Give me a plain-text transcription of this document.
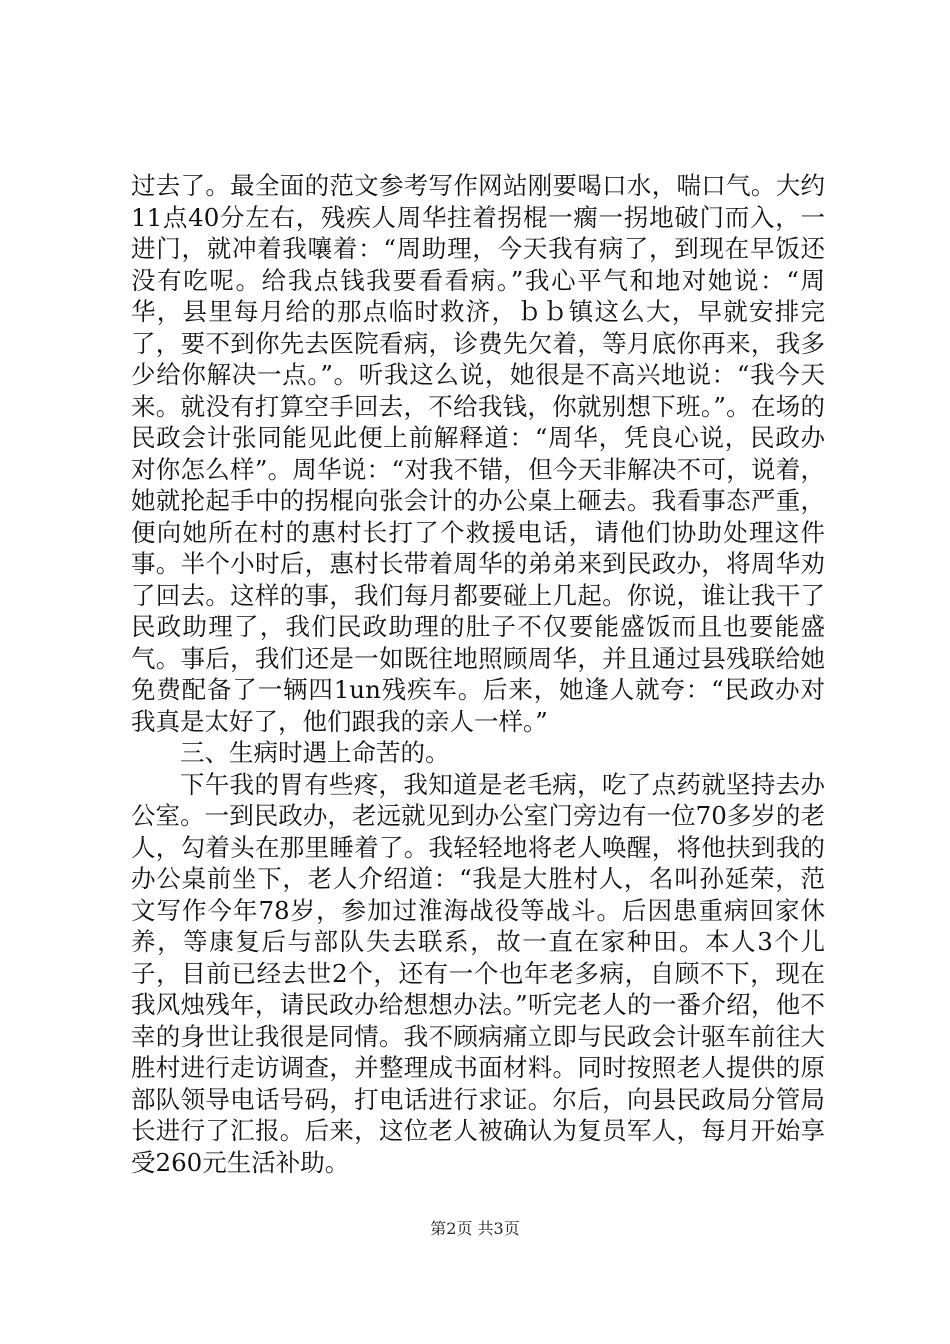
过去了。最全面的范文参考写作网站刚要喝口水，喘口气。大约11点40分左右，残疾人周华拄着拐棍一瘸一拐地破门而入，一进门，就冲着我嚷着：“周助理，今天我有病了，到现在早饭还没有吃呢。给我点钱我要看看病。”我心平气和地对她说：“周华，县里每月给的那点临时救济，ｂｂ镇这么大，早就安排完了，要不到你先去医院看病，诊费先欠着，等月底你再来，我多少给你解决一点。”。听我这么说，她很是不高兴地说：“我今天来。就没有打算空手回去，不给我钱，你就别想下班。”。在场的民政会计张同能见此便上前解释道：“周华，凭良心说，民政办对你怎么样”。周华说：“对我不错，但今天非解决不可，说着，她就抡起手中的拐棍向张会计的办公桌上砸去。我看事态严重，便向她所在村的惠村长打了个救援电话，请他们协助处理这件事。半个小时后，惠村长带着周华的弟弟来到民政办，将周华劝了回去。这样的事，我们每月都要碰上几起。你说，谁让我干了民政助理了，我们民政助理的肚子不仅要能盛饭而且也要能盛气。事后，我们还是一如既往地照顾周华，并且通过县残联给她免费配备了一辆四1un残疾车。后来，她逢人就夸：“民政办对我真是太好了，他们跟我的亲人一样。”

三、生病时遇上命苦的。

下午我的胃有些疼，我知道是老毛病，吃了点药就坚持去办公室。一到民政办，老远就见到办公室门旁边有一位70多岁的老人，勾着头在那里睡着了。我轻轻地将老人唤醒，将他扶到我的办公桌前坐下，老人介绍道：“我是大胜村人，名叫孙延荣，范文写作今年78岁，参加过淮海战役等战斗。后因患重病回家休养，等康复后与部队失去联系，故一直在家种田。本人3个儿子，目前已经去世2个，还有一个也年老多病，自顾不下，现在我风烛残年，请民政办给想想办法。”听完老人的一番介绍，他不幸的身世让我很是同情。我不顾病痛立即与民政会计驱车前往大胜村进行走访调查，并整理成书面材料。同时按照老人提供的原部队领导电话号码，打电话进行求证。尔后，向县民政局分管局长进行了汇报。后来，这位老人被确认为复员军人，每月开始享受260元生活补助。

第2页 共3页
